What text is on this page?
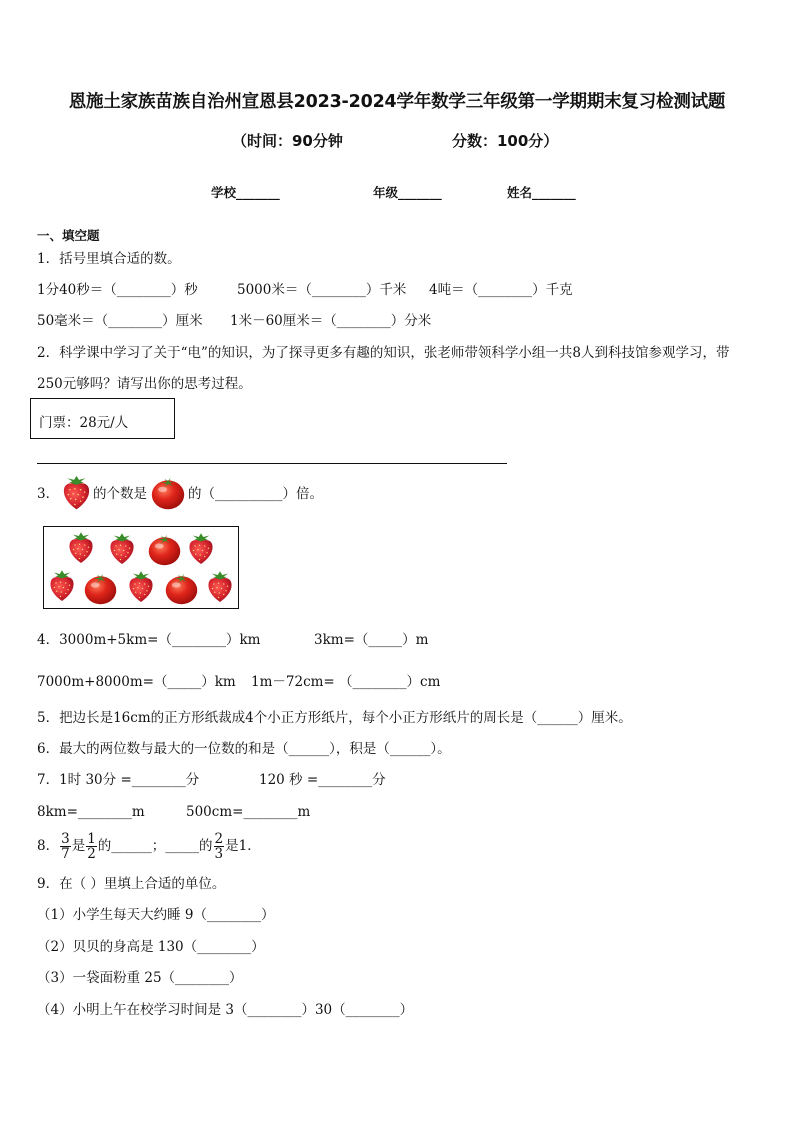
恩施土家族苗族自治州宣恩县2023-2024学年数学三年级第一学期期末复习检测试题
（时间：90分钟	分数：100分）
学校_______	年级_______	姓名_______
一、填空题
1．括号里填合适的数。
1分40秒＝（________）秒	5000米＝（________）千米 4吨＝（________）千克
50毫米＝（________）厘米 1米－60厘米＝（________）分米
2．科学课中学习了关于“电”的知识，为了探寻更多有趣的知识，张老师带领科学小组一共8人到科技馆参观学习，带
250元够吗？请写出你的思考过程。
门票：28元/人
3．	的个数是	的（__________）倍。
4．3000m+5km=（________）km	3km=（_____）m
7000m+8000m=（_____）km 1m－72cm= （________）cm
5．把边长是16cm的正方形纸裁成4个小正方形纸片，每个小正方形纸片的周长是（______）厘米。
6．最大的两位数与最大的一位数的和是（______），积是（______）。
7．1时 30分 =________分	120 秒 =________分
8km=________m	500cm=________m
8． $\frac{3}{7}$ 是 $\frac{1}{2}$ 的______；_____的 $\frac{2}{3}$ 是1．
9．在（ ）里填上合适的单位。
（1）小学生每天大约睡 9（________）
（2）贝贝的身高是 130（________）
（3）一袋面粉重 25（________）
（4）小明上午在校学习时间是 3（________）30（________）
